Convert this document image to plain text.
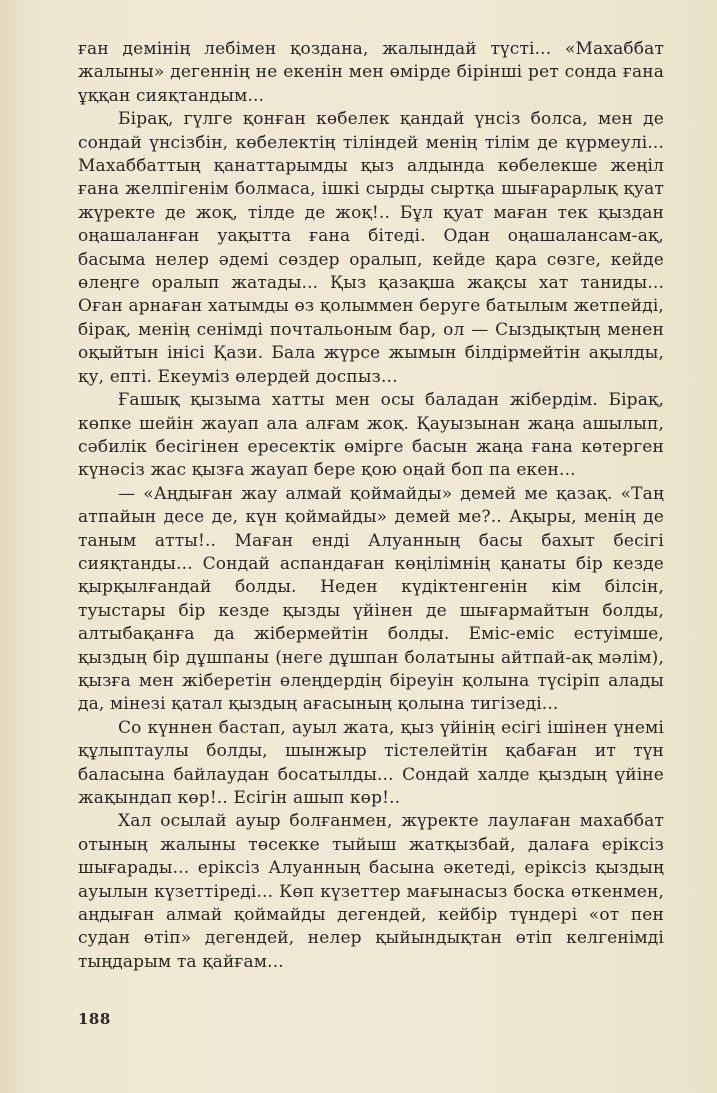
ған демінің лебімен қоздана, жалындай түсті... «Махаббат жалыны» дегеннің не екенін мен өмірде бірінші рет сонда ғана ұққан сияқтандым...

Бірақ, гүлге қонған көбелек қандай үнсіз болса, мен де сондай үнсізбін, көбелектің тіліндей менің тілім де күрмеулі... Махаббаттың қанаттарымды қыз алдында көбелекше жеңіл ғана желпігенім болмаса, ішкі сырды сыртқа шығарарлық қуат жүректе де жоқ, тілде де жоқ!.. Бұл қуат маған тек қыздан оңашаланған уақытта ғана бітеді. Одан оңашалансам-ақ, басыма нелер әдемі сөздер оралып, кейде қара сөзге, кейде өлеңге оралып жатады... Қыз қазақша жақсы хат таниды... Оған арнаған хатымды өз қолыммен беруге батылым жетпейді, бірақ, менің сенімді почтальоным бар, ол — Сыздықтың менен оқыйтын інісі Қази. Бала жүрсе жымын білдірмейтін ақылды, қу, епті. Екеуміз өлердей доспыз...

Ғашық қызыма хатты мен осы баладан жібердім. Бірақ, көпке шейін жауап ала алғам жоқ. Қауызынан жаңа ашылып, сәбилік бесігінен ересектік өмірге басын жаңа ғана көтерген күнәсіз жас қызға жауап бере қою оңай боп па екен...

— «Аңдыған жау алмай қоймайды» демей ме қазақ. «Таң атпайын десе де, күн қоймайды» демей ме?.. Ақыры, менің де таным атты!.. Маған енді Алуанның басы бахыт бесігі сияқтанды... Сондай аспандаған көңілімнің қанаты бір кезде қырқылғандай болды. Неден күдіктенгенін кім білсін, туыстары бір кезде қызды үйінен де шығармайтын болды, алтыбақанға да жібермейтін болды. Еміс-еміс естуімше, қыздың бір дұшпаны (неге дұшпан болатыны айтпай-ақ мәлім), қызға мен жіберетін өлеңдердің біреуін қолына түсіріп алады да, мінезі қатал қыздың ағасының қолына тигізеді...

Со күннен бастап, ауыл жата, қыз үйінің есігі ішінен үнемі құлыптаулы болды, шынжыр тістелейтін қабаған ит түн баласына байлаудан босатылды... Сондай халде қыздың үйіне жақындап көр!.. Есігін ашып көр!..

Хал осылай ауыр болғанмен, жүректе лаулаған махаббат отының жалыны төсекке тыйыш жатқызбай, далаға еріксіз шығарады... еріксіз Алуанның басына әкетеді, еріксіз қыздың ауылын күзеттіреді... Көп күзеттер мағынасыз боска өткенмен, аңдыған алмай қоймайды дегендей, кейбір түндері «от пен судан өтіп» дегендей, нелер қыйындықтан өтіп келгенімді тыңдарым та қайғам...

188
